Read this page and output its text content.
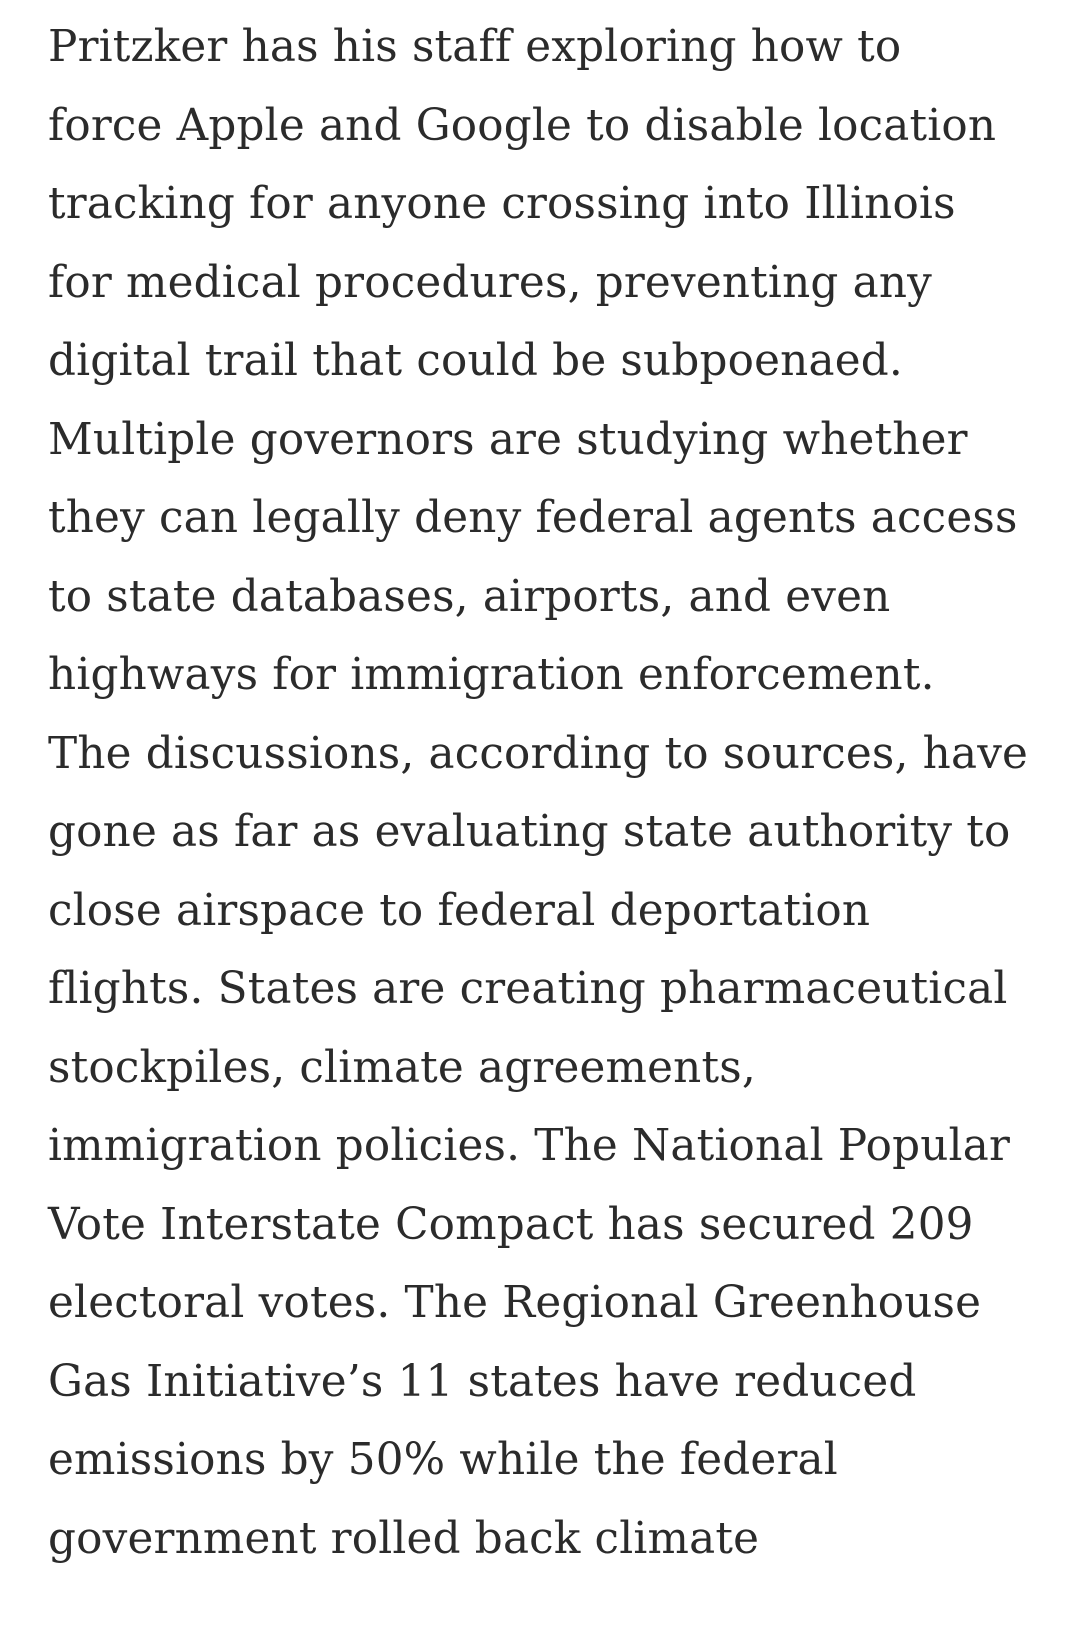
Pritzker has his staff exploring how to
force Apple and Google to disable location
tracking for anyone crossing into Illinois
for medical procedures, preventing any
digital trail that could be subpoenaed.
Multiple governors are studying whether
they can legally deny federal agents access
to state databases, airports, and even
highways for immigration enforcement.
The discussions, according to sources, have
gone as far as evaluating state authority to
close airspace to federal deportation
flights. States are creating pharmaceutical
stockpiles, climate agreements,
immigration policies. The National Popular
Vote Interstate Compact has secured 209
electoral votes. The Regional Greenhouse
Gas Initiative’s 11 states have reduced
emissions by 50% while the federal
government rolled back climate
